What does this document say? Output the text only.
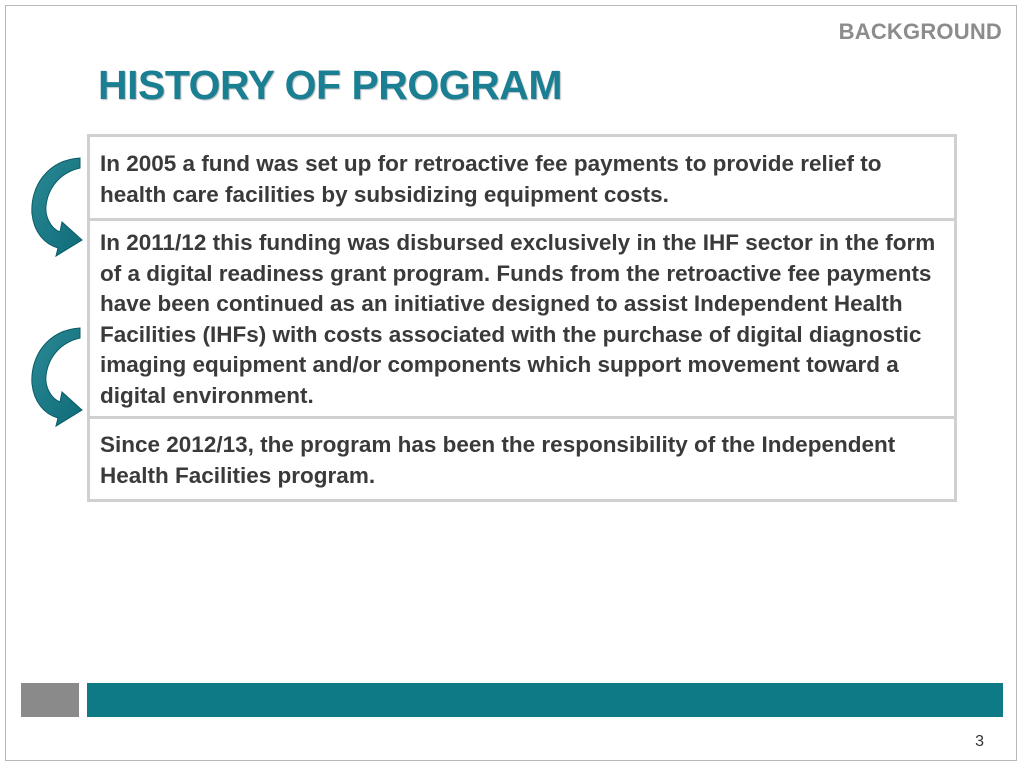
BACKGROUND
HISTORY OF PROGRAM
In 2005 a fund was set up for retroactive fee payments to provide relief to health care facilities by subsidizing equipment costs.
In 2011/12 this funding was disbursed exclusively in the IHF sector in the form of a digital readiness grant program. Funds from the retroactive fee payments have been continued as an initiative designed to assist Independent Health Facilities (IHFs) with costs associated with the purchase of digital diagnostic imaging equipment and/or components which support movement toward a digital environment.
Since 2012/13, the program has been the responsibility of the Independent Health Facilities program.
3
